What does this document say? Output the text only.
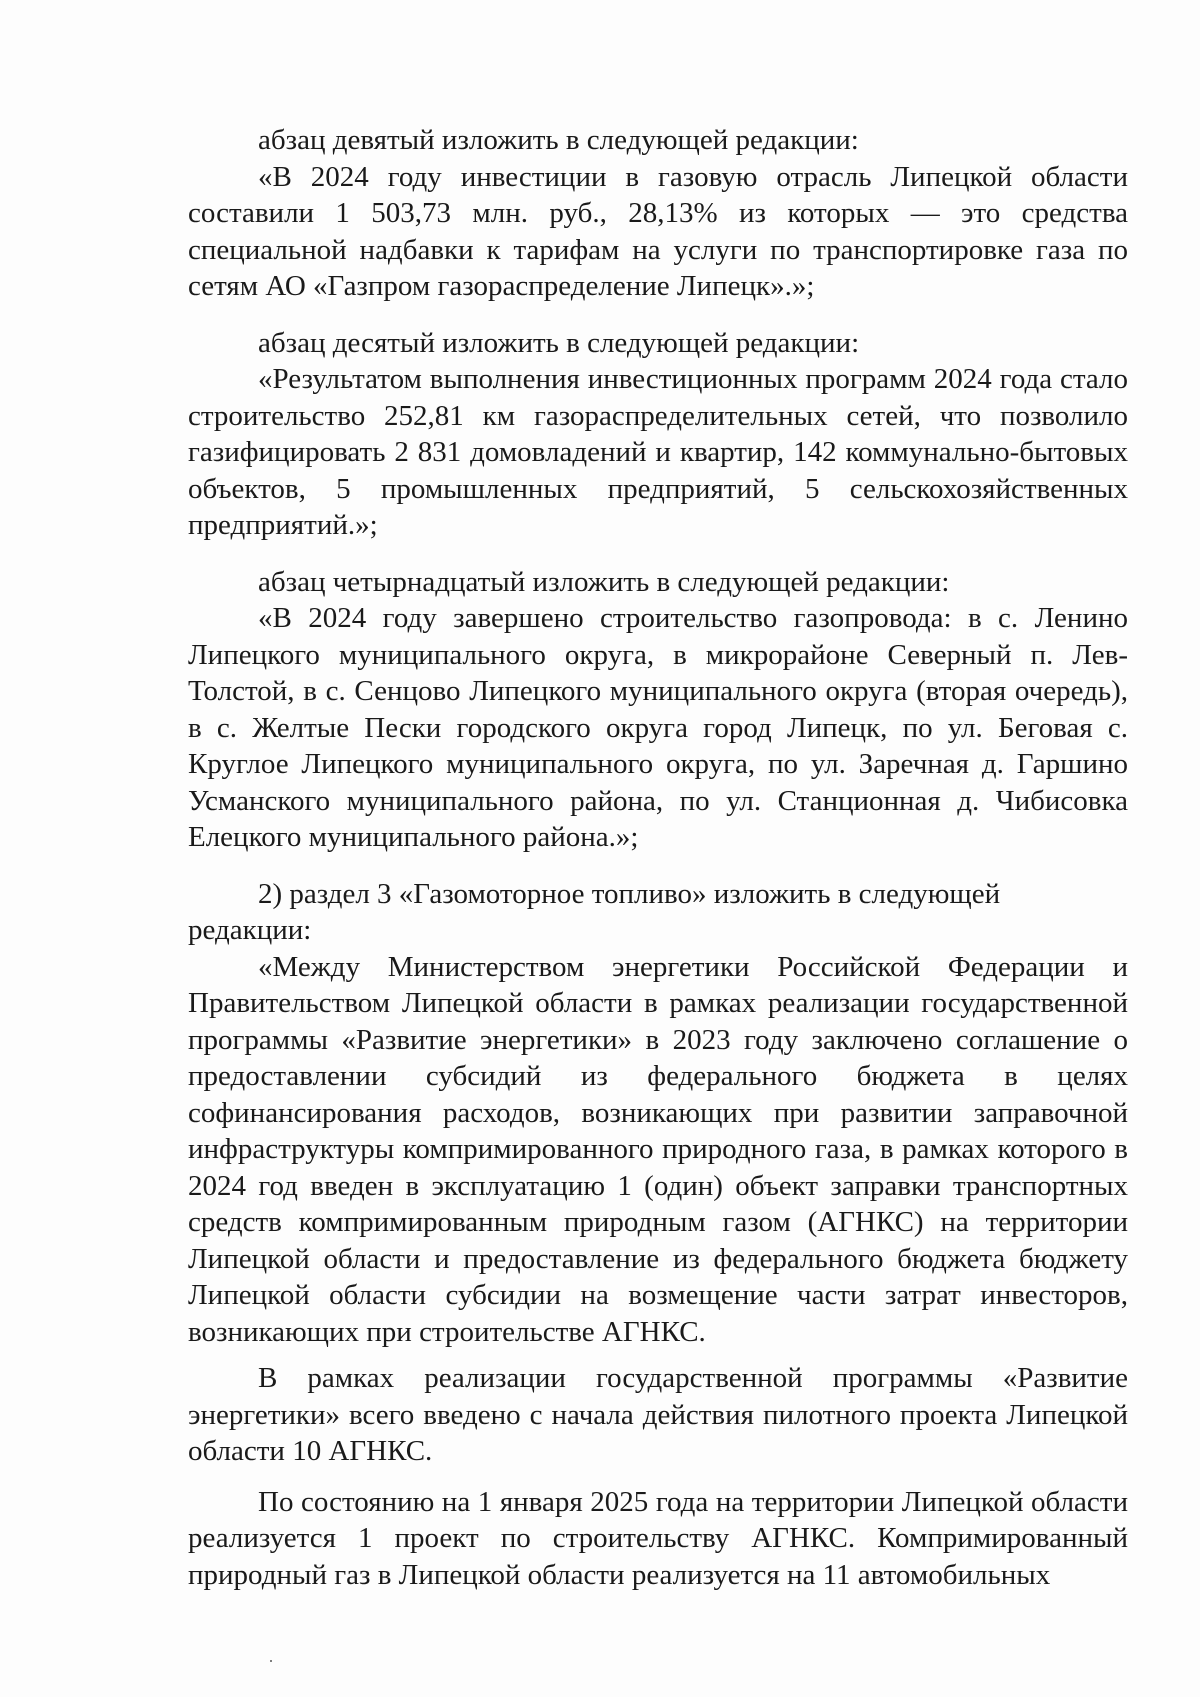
абзац девятый изложить в следующей редакции:

«В 2024 году инвестиции в газовую отрасль Липецкой области составили 1 503,73 млн. руб., 28,13% из которых — это средства специальной надбавки к тарифам на услуги по транспортировке газа по сетям АО «Газпром газораспределение Липецк».»;

абзац десятый изложить в следующей редакции:

«Результатом выполнения инвестиционных программ 2024 года стало строительство 252,81 км газораспределительных сетей, что позволило газифицировать 2 831 домовладений и квартир, 142 коммунально-бытовых объектов, 5 промышленных предприятий, 5 сельскохозяйственных предприятий.»;

абзац четырнадцатый изложить в следующей редакции:

«В 2024 году завершено строительство газопровода: в с. Ленино Липецкого муниципального округа, в микрорайоне Северный п. Лев-Толстой, в с. Сенцово Липецкого муниципального округа (вторая очередь), в с. Желтые Пески городского округа город Липецк, по ул. Беговая с. Круглое Липецкого муниципального округа, по ул. Заречная д. Гаршино Усманского муниципального района, по ул. Станционная д. Чибисовка Елецкого муниципального района.»;

2) раздел 3 «Газомоторное топливо» изложить в следующей редакции:

«Между Министерством энергетики Российской Федерации и Правительством Липецкой области в рамках реализации государственной программы «Развитие энергетики» в 2023 году заключено соглашение о предоставлении субсидий из федерального бюджета в целях софинансирования расходов, возникающих при развитии заправочной инфраструктуры компримированного природного газа, в рамках которого в 2024 год введен в эксплуатацию 1 (один) объект заправки транспортных средств компримированным природным газом (АГНКС) на территории Липецкой области и предоставление из федерального бюджета бюджету Липецкой области субсидии на возмещение части затрат инвесторов, возникающих при строительстве АГНКС.

В рамках реализации государственной программы «Развитие энергетики» всего введено с начала действия пилотного проекта Липецкой области 10 АГНКС.

По состоянию на 1 января 2025 года на территории Липецкой области реализуется 1 проект по строительству АГНКС. Компримированный природный газ в Липецкой области реализуется на 11 автомобильных
